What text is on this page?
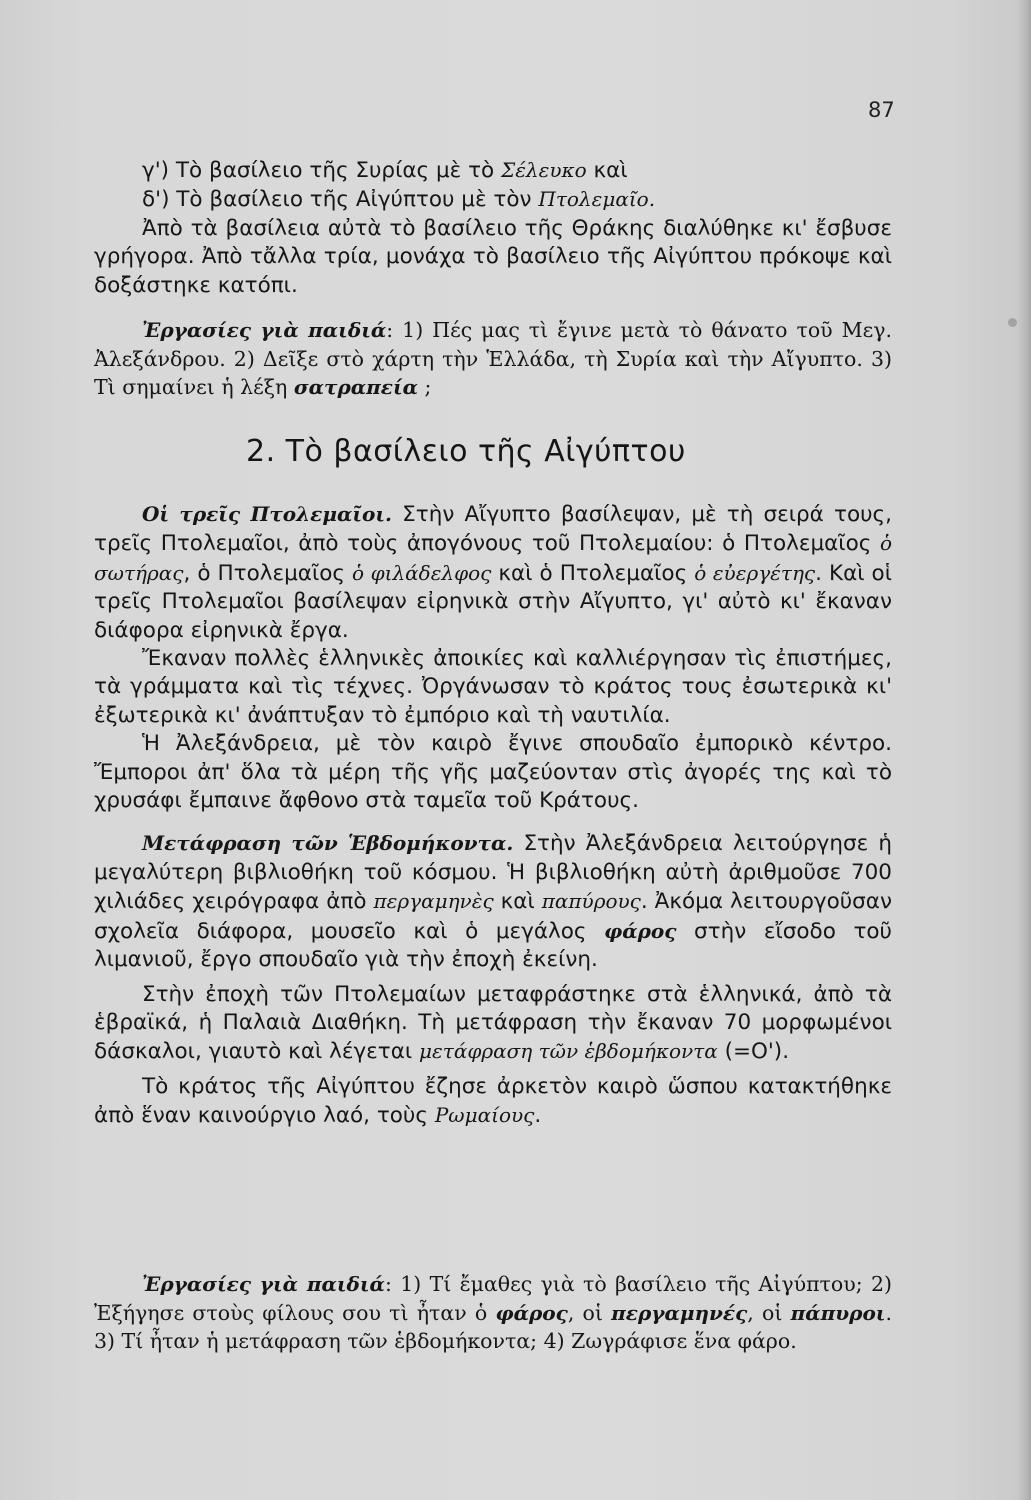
87

γ') Τὸ βασίλειο τῆς Συρίας μὲ τὸ Σέλευκο καὶ

δ') Τὸ βασίλειο τῆς Αἰγύπτου μὲ τὸν Πτολεμαῖο.

Ἀπὸ τὰ βασίλεια αὐτὰ τὸ βασίλειο τῆς Θράκης διαλύθηκε κι' ἔσβυσε γρήγορα. Ἀπὸ τἄλλα τρία, μονάχα τὸ βασίλειο τῆς Αἰγύπτου πρόκοψε καὶ δοξάστηκε κατόπι.

Ἐργασίες γιὰ παιδιά: 1) Πές μας τὶ ἔγινε μετὰ τὸ θάνατο τοῦ Μεγ. Ἀλεξάνδρου. 2) Δεῖξε στὸ χάρτη τὴν Ἑλλάδα, τὴ Συρία καὶ τὴν Αἴγυπτο. 3) Τὶ σημαίνει ἡ λέξη σατραπεία ;

2. Τὸ βασίλειο τῆς Αἰγύπτου

Οἱ τρεῖς Πτολεμαῖοι. Στὴν Αἴγυπτο βασίλεψαν, μὲ τὴ σειρά τους, τρεῖς Πτολεμαῖοι, ἀπὸ τοὺς ἀπογόνους τοῦ Πτολεμαίου: ὁ Πτολεμαῖος ὁ σωτήρας, ὁ Πτολεμαῖος ὁ φιλάδελφος καὶ ὁ Πτολεμαῖος ὁ εὐεργέτης. Καὶ οἱ τρεῖς Πτολεμαῖοι βασίλεψαν εἰρηνικὰ στὴν Αἴγυπτο, γι' αὐτὸ κι' ἔκαναν διάφορα εἰρηνικὰ ἔργα.

Ἔκαναν πολλὲς ἑλληνικὲς ἀποικίες καὶ καλλιέργησαν τὶς ἐπιστήμες, τὰ γράμματα καὶ τὶς τέχνες. Ὀργάνωσαν τὸ κράτος τους ἐσωτερικὰ κι' ἐξωτερικὰ κι' ἀνάπτυξαν τὸ ἐμπόριο καὶ τὴ ναυτιλία.

Ἡ Ἀλεξάνδρεια, μὲ τὸν καιρὸ ἔγινε σπουδαῖο ἐμπορικὸ κέντρο. Ἔμποροι ἀπ' ὅλα τὰ μέρη τῆς γῆς μαζεύονταν στὶς ἀγορές της καὶ τὸ χρυσάφι ἔμπαινε ἄφθονο στὰ ταμεῖα τοῦ Κράτους.

Μετάφραση τῶν Ἑβδομήκοντα. Στὴν Ἀλεξάνδρεια λειτούργησε ἡ μεγαλύτερη βιβλιοθήκη τοῦ κόσμου. Ἡ βιβλιοθήκη αὐτὴ ἀριθμοῦσε 700 χιλιάδες χειρόγραφα ἀπὸ περγαμηνὲς καὶ παπύρους. Ἀκόμα λειτουργοῦσαν σχολεῖα διάφορα, μουσεῖο καὶ ὁ μεγάλος φάρος στὴν εἴσοδο τοῦ λιμανιοῦ, ἔργο σπουδαῖο γιὰ τὴν ἐποχὴ ἐκείνη.

Στὴν ἐποχὴ τῶν Πτολεμαίων μεταφράστηκε στὰ ἑλληνικά, ἀπὸ τὰ ἑβραϊκά, ἡ Παλαιὰ Διαθήκη. Τὴ μετάφραση τὴν ἔκαναν 70 μορφωμένοι δάσκαλοι, γιαυτὸ καὶ λέγεται μετάφραση τῶν ἑβδομήκοντα (=Ο').

Τὸ κράτος τῆς Αἰγύπτου ἔζησε ἀρκετὸν καιρὸ ὥσπου κατακτήθηκε ἀπὸ ἕναν καινούργιο λαό, τοὺς Ρωμαίους.

Ἐργασίες γιὰ παιδιά: 1) Τί ἔμαθες γιὰ τὸ βασίλειο τῆς Αἰγύπτου; 2) Ἐξήγησε στοὺς φίλους σου τὶ ἦταν ὁ φάρος, οἱ περγαμηνές, οἱ πάπυροι. 3) Τί ἦταν ἡ μετάφραση τῶν ἑβδομήκοντα; 4) Ζωγράφισε ἕνα φάρο.
